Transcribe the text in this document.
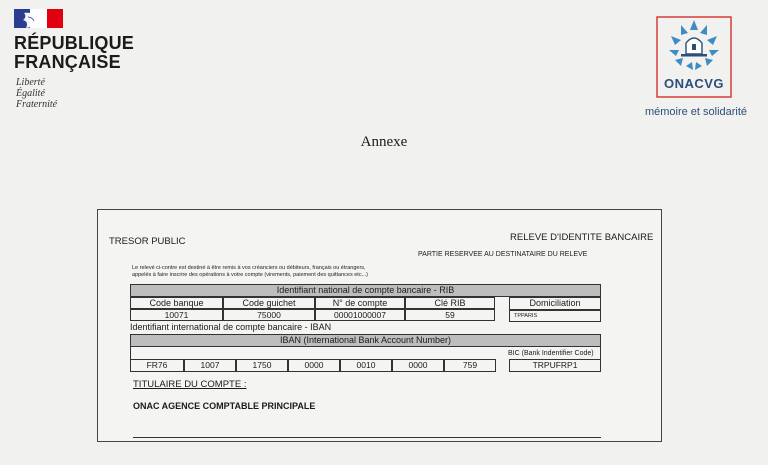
RÉPUBLIQUE
FRANÇAISE
Liberté
Égalité
Fraternité
ONACVG
mémoire et solidarité
Annexe
TRESOR PUBLIC	RELEVE D'IDENTITE BANCAIRE
PARTIE RESERVEE AU DESTINATAIRE DU RELEVE
Le relevé ci-contre est destiné à être remis à vos créanciers ou débiteurs, français ou étrangers,
appelés à faire inscrire des opérations à votre compte (virements, paiement des quittances etc...)
Identifiant national de compte bancaire - RIB
Code banque	Code guichet	N° de compte	Clé RIB
10071	75000	00001000007	59
Domiciliation
TPPARIS
Identifiant international de compte bancaire - IBAN
IBAN (International Bank Account Number)
BIC (Bank Indentifier Code)
FR76	1007	1750	0000	0010	0000	759	TRPUFRP1
TITULAIRE DU COMPTE :
ONAC AGENCE COMPTABLE PRINCIPALE
